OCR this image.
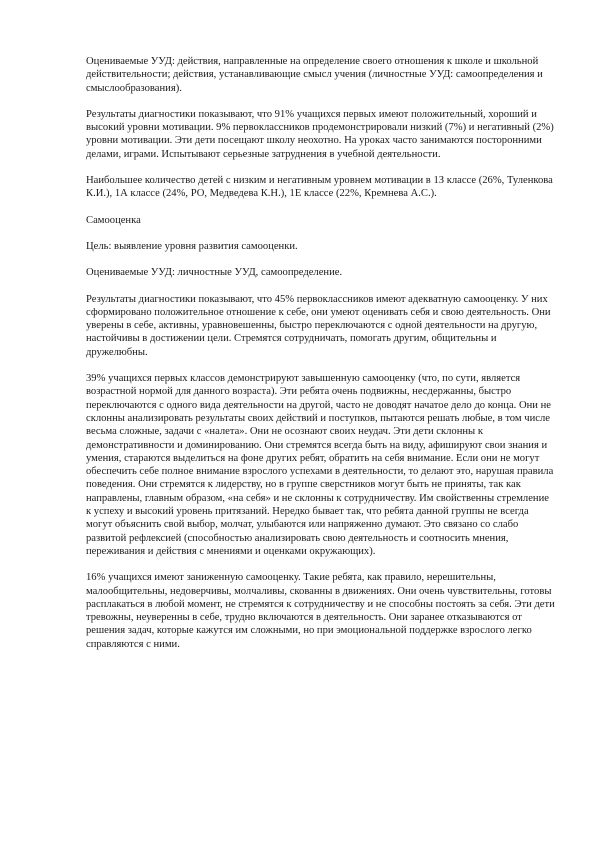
Оцениваемые УУД: действия, направленные на определение своего отношения к школе и школьной действительности; действия, устанавливающие смысл учения (личностные УУД: самоопределения и смыслообразования).

Результаты диагностики показывают, что 91% учащихся первых имеют положительный, хороший и высокий уровни мотивации. 9% первоклассников продемонстрировали низкий (7%) и негативный (2%) уровни мотивации. Эти дети посещают школу неохотно. На уроках часто занимаются посторонними делами, играми. Испытывают серьезные затруднения в учебной деятельности.

Наибольшее количество детей с низким и негативным уровнем мотивации в 1З классе (26%, Туленкова К.И.), 1А классе (24%, РО, Медведева К.Н.), 1Е классе (22%, Кремнева А.С.).

Самооценка

Цель: выявление уровня развития самооценки.

Оцениваемые УУД: личностные УУД, самоопределение.

Результаты диагностики показывают, что 45% первоклассников имеют адекватную самооценку. У них сформировано положительное отношение к себе, они умеют оценивать себя и свою деятельность. Они уверены в себе, активны, уравновешенны, быстро переключаются с одной деятельности на другую, настойчивы в достижении цели. Стремятся сотрудничать, помогать другим, общительны и дружелюбны.

39% учащихся первых классов демонстрируют завышенную самооценку (что, по сути, является возрастной нормой для данного возраста). Эти ребята очень подвижны, несдержанны, быстро переключаются с одного вида деятельности на другой, часто не доводят начатое дело до конца. Они не склонны анализировать результаты своих действий и поступков, пытаются решать любые, в том числе весьма сложные, задачи с «налета». Они не осознают своих неудач. Эти дети склонны к демонстративности и доминированию. Они стремятся всегда быть на виду, афишируют свои знания и умения, стараются выделиться на фоне других ребят, обратить на себя внимание. Если они не могут обеспечить себе полное внимание взрослого успехами в деятельности, то делают это, нарушая правила поведения. Они стремятся к лидерству, но в группе сверстников могут быть не приняты, так как направлены, главным образом, «на себя» и не склонны к сотрудничеству. Им свойственны стремление к успеху и высокий уровень притязаний. Нередко бывает так, что ребята данной группы не всегда могут объяснить свой выбор, молчат, улыбаются или напряженно думают. Это связано со слабо развитой рефлексией (способностью анализировать свою деятельность и соотносить мнения, переживания и действия с мнениями и оценками окружающих).

16% учащихся имеют заниженную самооценку. Такие ребята, как правило, нерешительны, малообщительны, недоверчивы, молчаливы, скованны в движениях. Они очень чувствительны, готовы расплакаться в любой момент, не стремятся к сотрудничеству и не способны постоять за себя. Эти дети тревожны, неуверенны в себе, трудно включаются в деятельность. Они заранее отказываются от решения задач, которые кажутся им сложными, но при эмоциональной поддержке взрослого легко справляются с ними.
